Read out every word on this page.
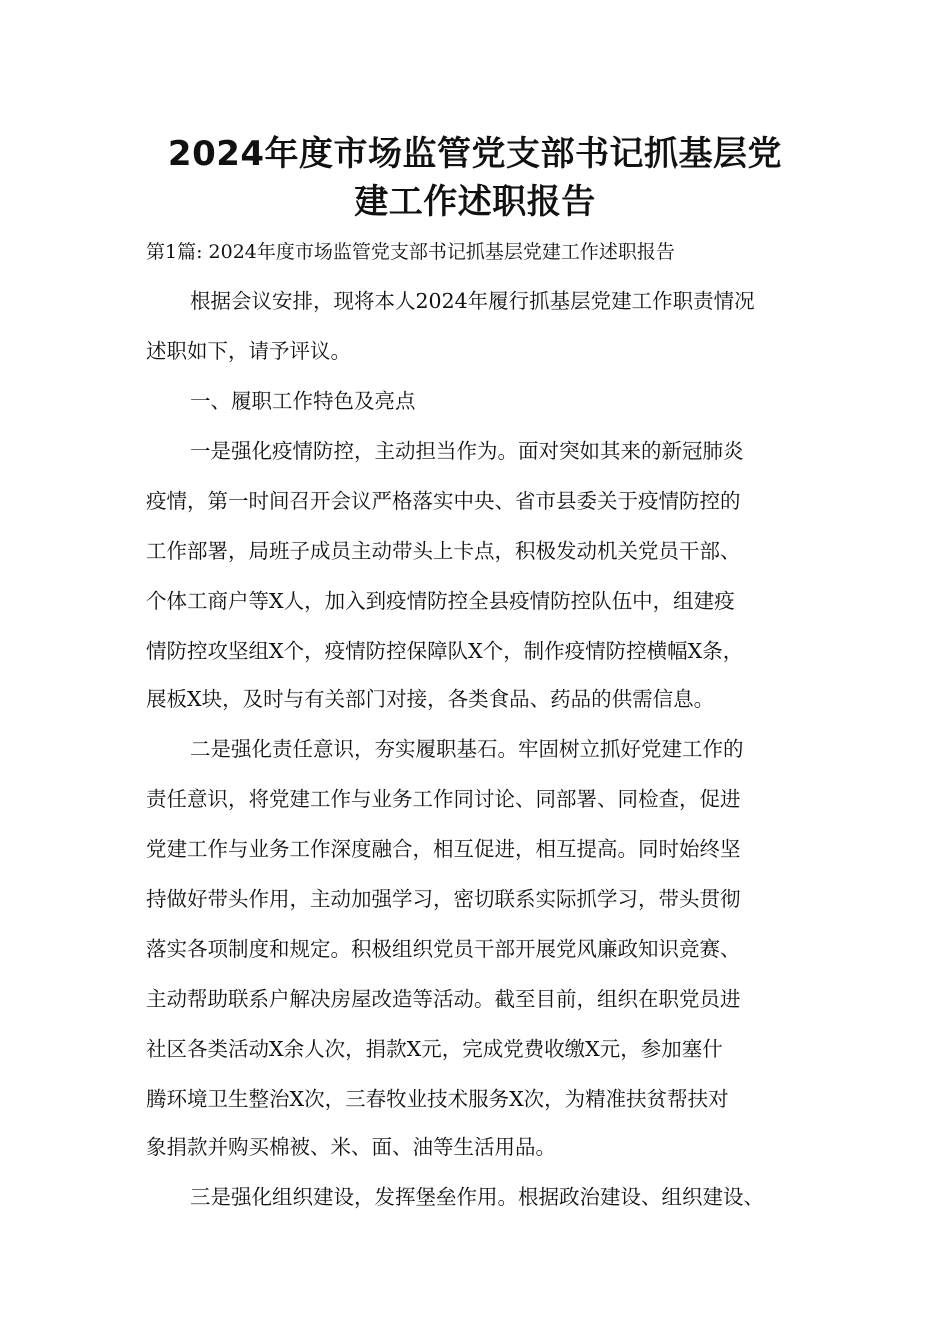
2024年度市场监管党支部书记抓基层党
建工作述职报告

第1篇: 2024年度市场监管党支部书记抓基层党建工作述职报告

根据会议安排，现将本人2024年履行抓基层党建工作职责情况

述职如下，请予评议。

一、履职工作特色及亮点

一是强化疫情防控，主动担当作为。面对突如其来的新冠肺炎

疫情，第一时间召开会议严格落实中央、省市县委关于疫情防控的

工作部署，局班子成员主动带头上卡点，积极发动机关党员干部、

个体工商户等X人，加入到疫情防控全县疫情防控队伍中，组建疫

情防控攻坚组X个，疫情防控保障队X个，制作疫情防控横幅X条，

展板X块，及时与有关部门对接，各类食品、药品的供需信息。

二是强化责任意识，夯实履职基石。牢固树立抓好党建工作的

责任意识，将党建工作与业务工作同讨论、同部署、同检查，促进

党建工作与业务工作深度融合，相互促进，相互提高。同时始终坚

持做好带头作用，主动加强学习，密切联系实际抓学习，带头贯彻

落实各项制度和规定。积极组织党员干部开展党风廉政知识竞赛、

主动帮助联系户解决房屋改造等活动。截至目前，组织在职党员进

社区各类活动X余人次，捐款X元，完成党费收缴X元，参加塞什

腾环境卫生整治X次，三春牧业技术服务X次，为精准扶贫帮扶对

象捐款并购买棉被、米、面、油等生活用品。

三是强化组织建设，发挥堡垒作用。根据政治建设、组织建设、
